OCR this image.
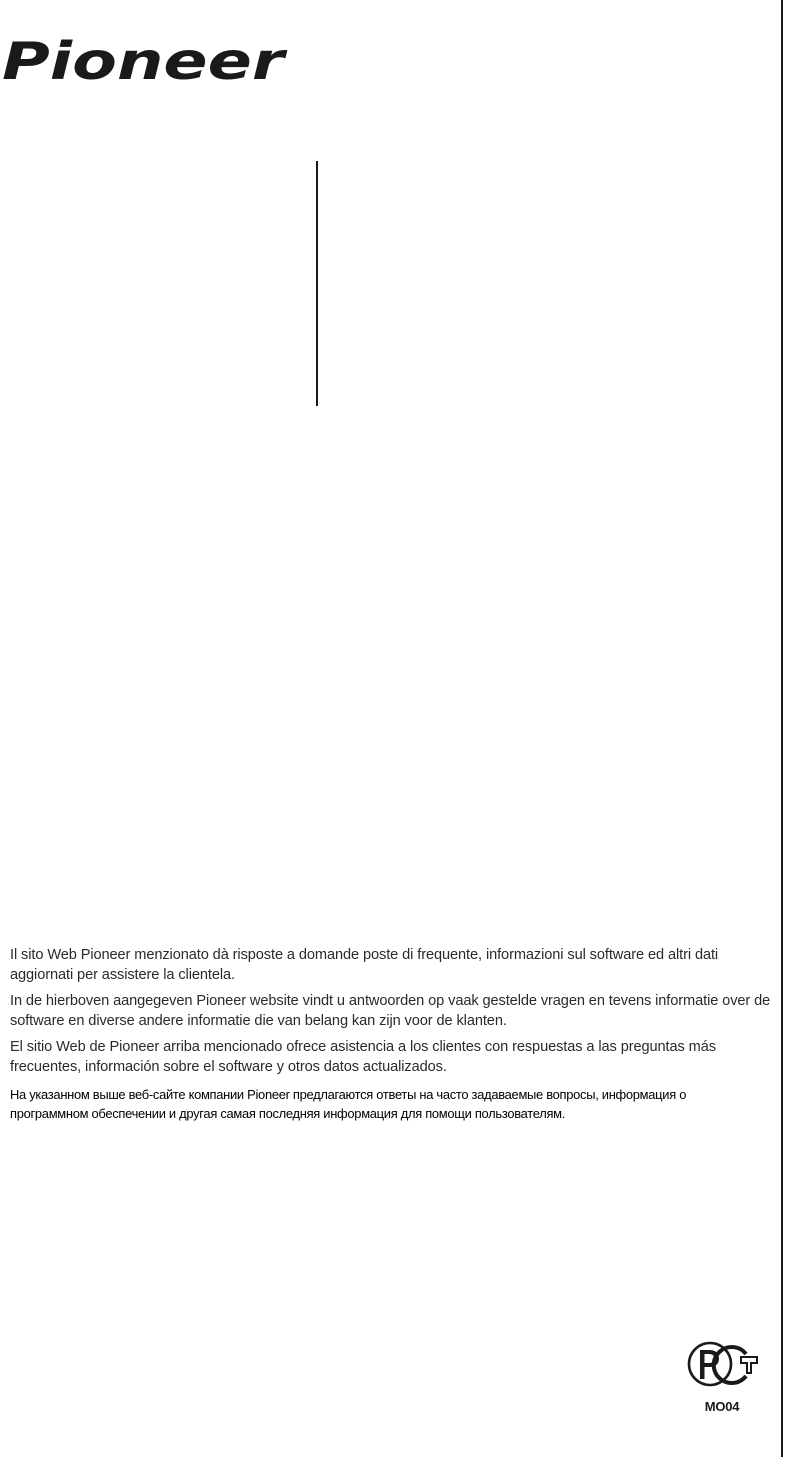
Pioneer

Il sito Web Pioneer menzionato dà risposte a domande poste di frequente, informazioni sul software ed altri dati aggiornati per assistere la clientela.

In de hierboven aangegeven Pioneer website vindt u antwoorden op vaak gestelde vragen en tevens informatie over de software en diverse andere informatie die van belang kan zijn voor de klanten.

El sitio Web de Pioneer arriba mencionado ofrece asistencia a los clientes con respuestas a las preguntas más frecuentes, información sobre el software y otros datos actualizados.

На указанном выше веб-сайте компании Pioneer предлагаются ответы на часто задаваемые вопросы, информация о программном обеспечении и другая самая последняя информация для помощи пользователям.

MO04
